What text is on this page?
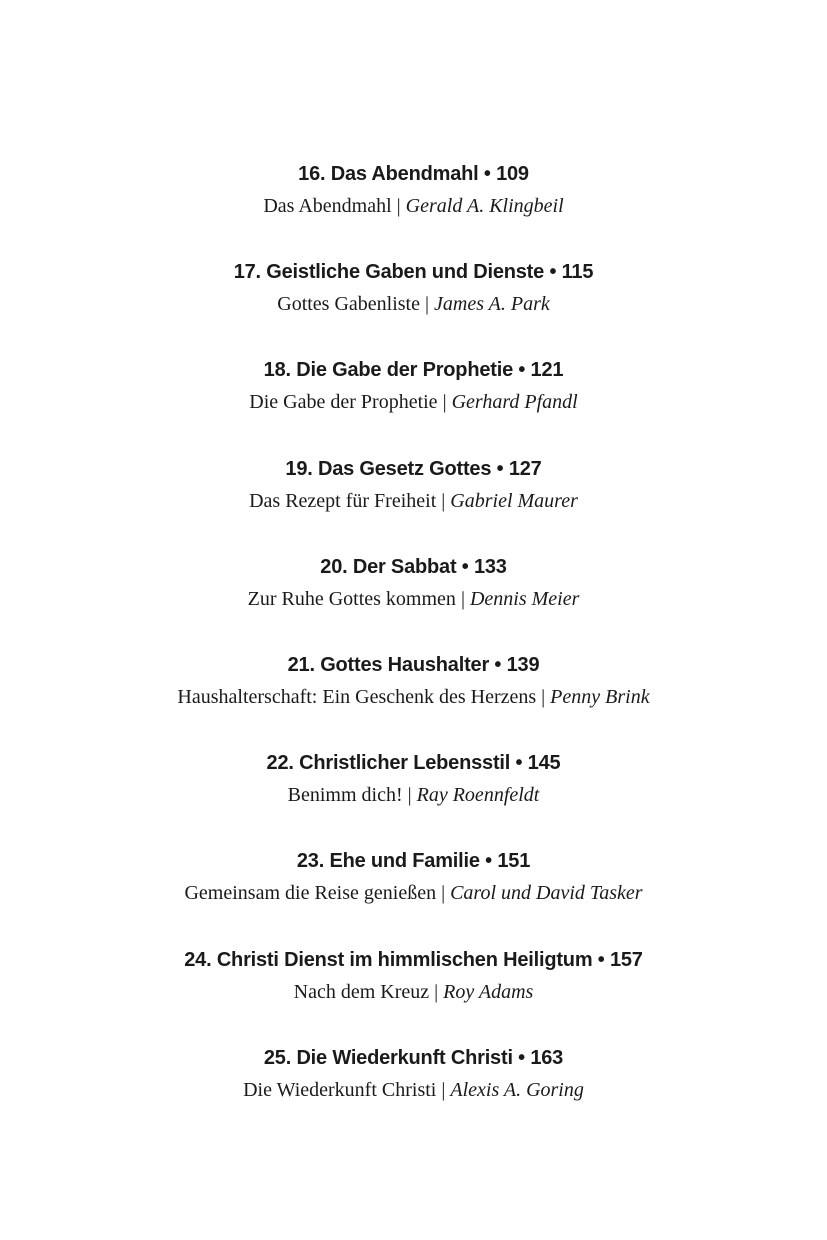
16. Das Abendmahl • 109
Das Abendmahl | Gerald A. Klingbeil
17. Geistliche Gaben und Dienste • 115
Gottes Gabenliste | James A. Park
18. Die Gabe der Prophetie • 121
Die Gabe der Prophetie | Gerhard Pfandl
19. Das Gesetz Gottes • 127
Das Rezept für Freiheit | Gabriel Maurer
20. Der Sabbat • 133
Zur Ruhe Gottes kommen | Dennis Meier
21. Gottes Haushalter • 139
Haushalterschaft: Ein Geschenk des Herzens | Penny Brink
22. Christlicher Lebensstil • 145
Benimm dich! | Ray Roennfeldt
23. Ehe und Familie • 151
Gemeinsam die Reise genießen | Carol und David Tasker
24. Christi Dienst im himmlischen Heiligtum • 157
Nach dem Kreuz | Roy Adams
25. Die Wiederkunft Christi • 163
Die Wiederkunft Christi | Alexis A. Goring
